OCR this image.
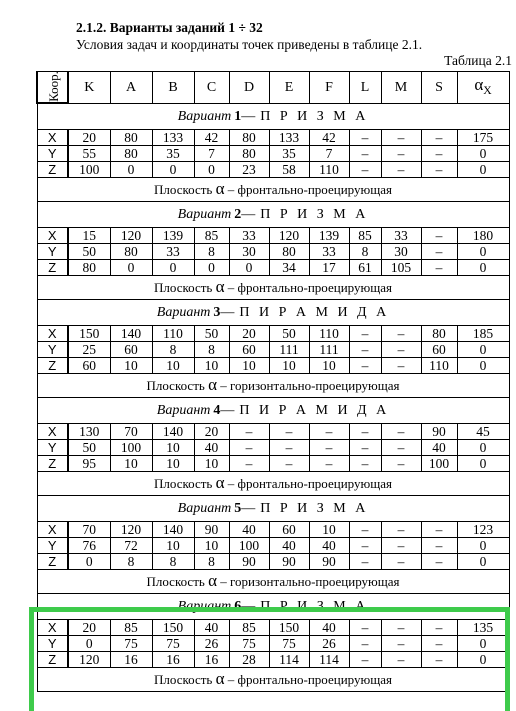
2.1.2. Варианты заданий 1 ÷ 32
Условия задач и координаты точек приведены в таблице 2.1.
Таблица 2.1
Коор.	K	A	B	C	D	E	F	L	M	S	$\alpha_X$
Вариант 1— П Р И З М А											
X	20	80	133	42	80	133	42	–	–	–	175
Y	55	80	35	7	80	35	7	–	–	–	0
Z	100	0	0	0	23	58	110	–	–	–	0
Плоскость α – фронтально-проецирующая											
Вариант 2— П Р И З М А											
X	15	120	139	85	33	120	139	85	33	–	180
Y	50	80	33	8	30	80	33	8	30	–	0
Z	80	0	0	0	0	34	17	61	105	–	0
Плоскость α – фронтально-проецирующая											
Вариант 3— П И Р А М И Д А											
X	150	140	110	50	20	50	110	–	–	80	185
Y	25	60	8	8	60	111	111	–	–	60	0
Z	60	10	10	10	10	10	10	–	–	110	0
Плоскость α – горизонтально-проецирующая											
Вариант 4— П И Р А М И Д А											
X	130	70	140	20	–	–	–	–	–	90	45
Y	50	100	10	40	–	–	–	–	–	40	0
Z	95	10	10	10	–	–	–	–	–	100	0
Плоскость α – фронтально-проецирующая											
Вариант 5— П Р И З М А											
X	70	120	140	90	40	60	10	–	–	–	123
Y	76	72	10	10	100	40	40	–	–	–	0
Z	0	8	8	8	90	90	90	–	–	–	0
Плоскость α – горизонтально-проецирующая											
Вариант 6— П Р И З М А											
X	20	85	150	40	85	150	40	–	–	–	135
Y	0	75	75	26	75	75	26	–	–	–	0
Z	120	16	16	16	28	114	114	–	–	–	0
Плоскость α – фронтально-проецирующая											
